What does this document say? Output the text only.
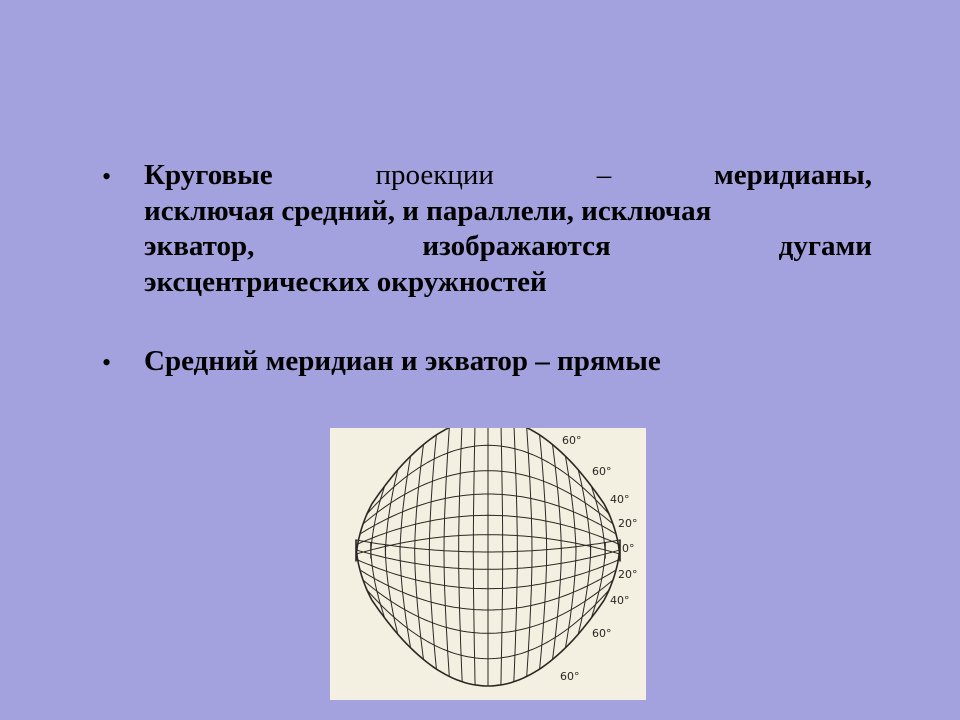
• Круговые	проекции	–	меридианы,
исключая средний, и параллели, исключая
экватор,	изображаются	дугами
эксцентрических окружностей
• Средний меридиан и экватор – прямые
60°
60°
40°
20°
0°
20°
40°
60°
60°
